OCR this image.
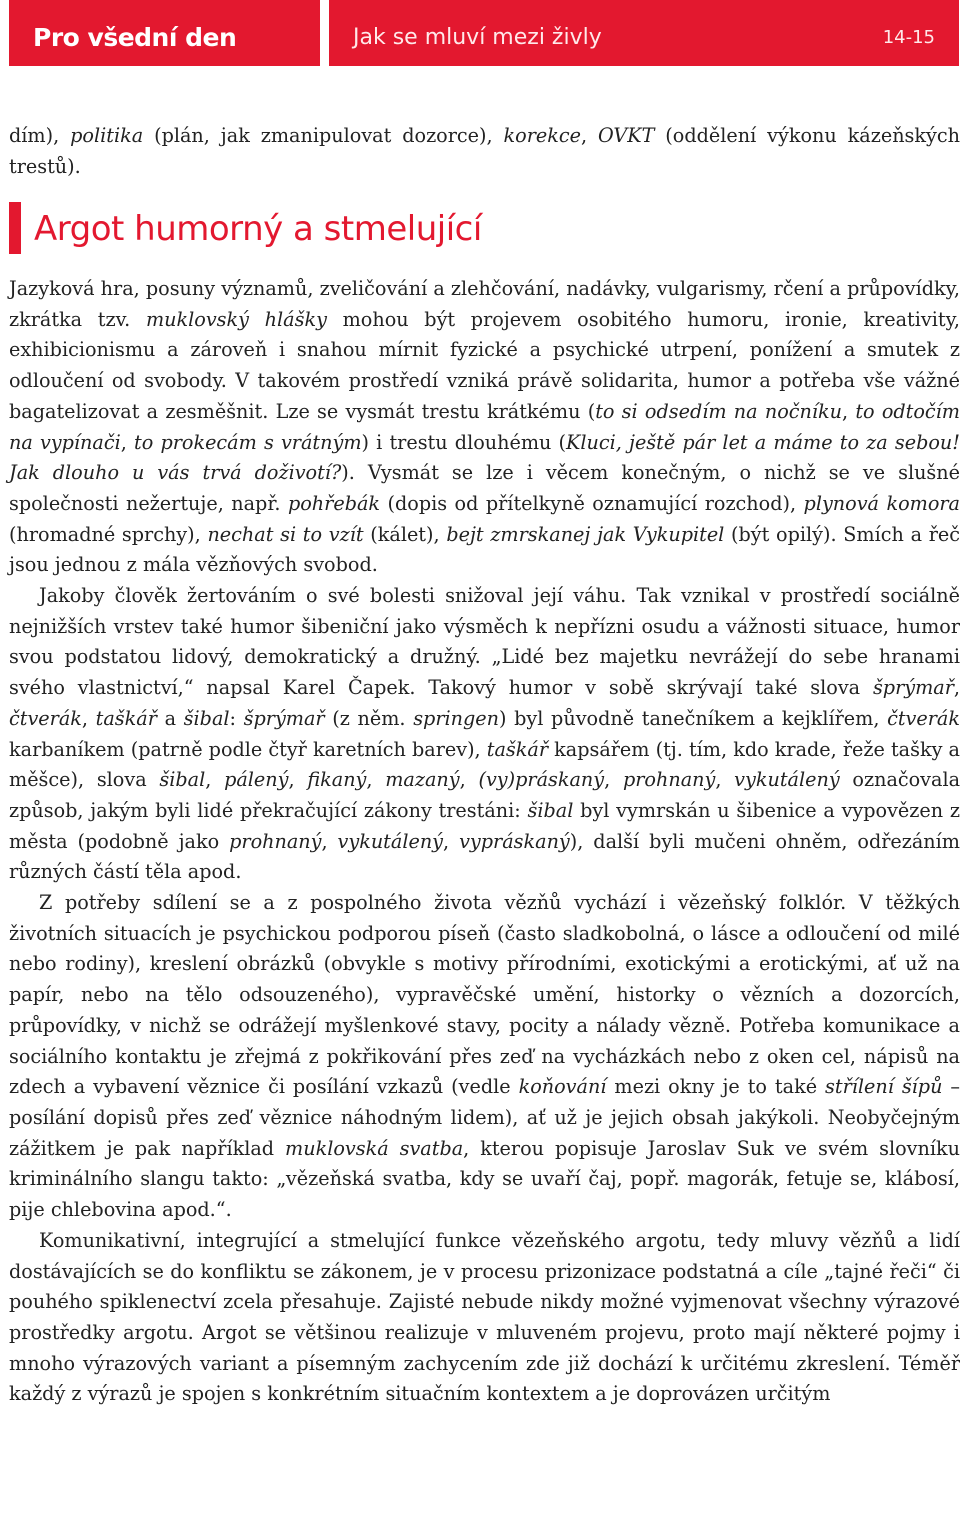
Pro všední den	Jak se mluví mezi živly	14-15

dím), politika (plán, jak zmanipulovat dozorce), korekce, OVKT (oddělení výkonu kázeňských trestů).

Argot humorný a stmelující

Jazyková hra, posuny významů, zveličování a zlehčování, nadávky, vulgarismy, rčení a průpovídky, zkrátka tzv. muklovský hlášky mohou být projevem osobitého humoru, ironie, kreativity, exhibicionismu a zároveň i snahou mírnit fyzické a psychické utrpení, ponížení a smutek z odloučení od svobody. V takovém prostředí vzniká právě solidarita, humor a potřeba vše vážné bagatelizovat a zesměšnit. Lze se vysmát trestu krátkému (to si odsedím na nočníku, to odtočím na vypínači, to prokecám s vrátným) i trestu dlouhému (Kluci, ještě pár let a máme to za sebou! Jak dlouho u vás trvá doživotí?). Vysmát se lze i věcem konečným, o nichž se ve slušné společnosti nežertuje, např. pohřebák (dopis od přítelkyně oznamující rozchod), plynová komora (hromadné sprchy), nechat si to vzít (kálet), bejt zmrskanej jak Vykupitel (být opilý). Smích a řeč jsou jednou z mála vězňových svobod.

Jakoby člověk žertováním o své bolesti snižoval její váhu. Tak vznikal v prostředí sociálně nejnižších vrstev také humor šibeniční jako výsměch k nepřízni osudu a vážnosti situace, humor svou podstatou lidový, demokratický a družný. „Lidé bez majetku nevrážejí do sebe hranami svého vlastnictví,“ napsal Karel Čapek. Takový humor v sobě skrývají také slova šprýmař, čtverák, taškář a šibal: šprýmař (z něm. springen) byl původně tanečníkem a kejklířem, čtverák karbaníkem (patrně podle čtyř karetních barev), taškář kapsářem (tj. tím, kdo krade, řeže tašky a měšce), slova šibal, pálený, fikaný, mazaný, (vy)práskaný, prohnaný, vykutálený označovala způsob, jakým byli lidé překračující zákony trestáni: šibal byl vymrskán u šibenice a vypovězen z města (podobně jako prohnaný, vykutálený, vypráskaný), další byli mučeni ohněm, odřezáním různých částí těla apod.

Z potřeby sdílení se a z pospolného života vězňů vychází i vězeňský folklór. V těžkých životních situacích je psychickou podporou píseň (často sladkobolná, o lásce a odloučení od milé nebo rodiny), kreslení obrázků (obvykle s motivy přírodními, exotickými a erotickými, ať už na papír, nebo na tělo odsouzeného), vypravěčské umění, historky o vězních a dozorcích, průpovídky, v nichž se odrážejí myšlenkové stavy, pocity a nálady vězně. Potřeba komunikace a sociálního kontaktu je zřejmá z pokřikování přes zeď na vycházkách nebo z oken cel, nápisů na zdech a vybavení věznice či posílání vzkazů (vedle koňování mezi okny je to také střílení šípů – posílání dopisů přes zeď věznice náhodným lidem), ať už je jejich obsah jakýkoli. Neobyčejným zážitkem je pak například muklovská svatba, kterou popisuje Jaroslav Suk ve svém slovníku kriminálního slangu takto: „vězeňská svatba, kdy se uvaří čaj, popř. magorák, fetuje se, klábosí, pije chlebovina apod.“.

Komunikativní, integrující a stmelující funkce vězeňského argotu, tedy mluvy vězňů a lidí dostávajících se do konfliktu se zákonem, je v procesu prizonizace podstatná a cíle „tajné řeči“ či pouhého spiklenectví zcela přesahuje. Zajisté nebude nikdy možné vyjmenovat všechny výrazové prostředky argotu. Argot se většinou realizuje v mluveném projevu, proto mají některé pojmy i mnoho výrazových variant a písemným zachycením zde již dochází k určitému zkreslení. Téměř každý z výrazů je spojen s konkrétním situačním kontextem a je doprovázen určitým
